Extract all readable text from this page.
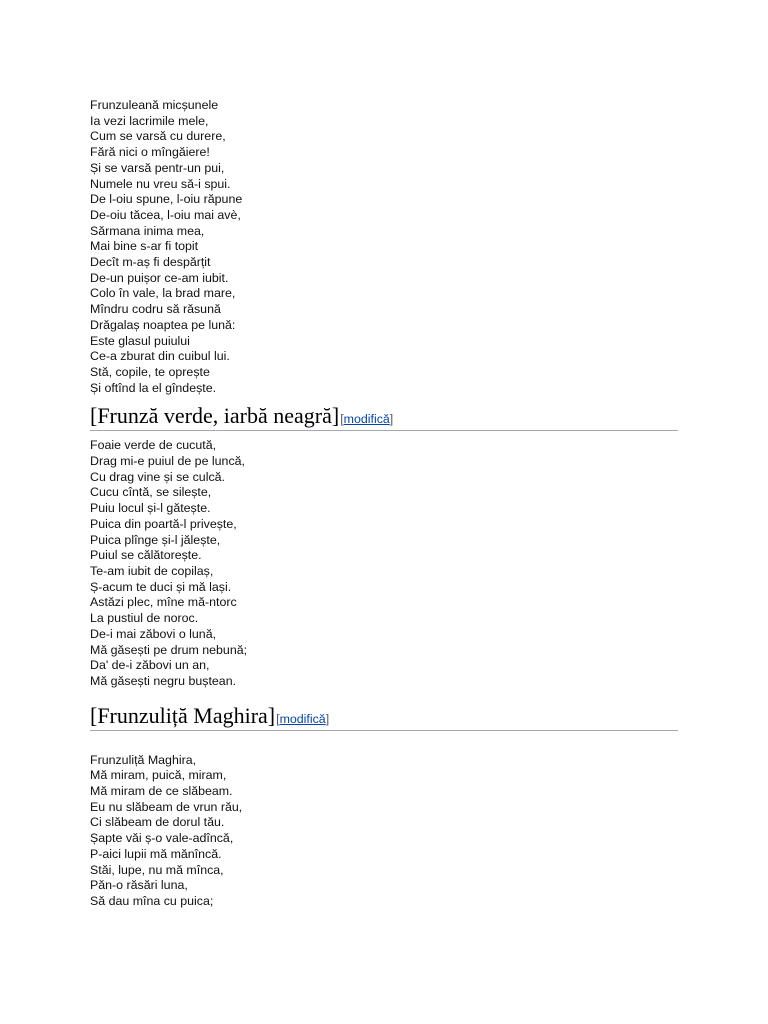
Frunzuleană micșunele
Ia vezi lacrimile mele,
Cum se varsă cu durere,
Fără nici o mîngăiere!
Și se varsă pentr-un pui,
Numele nu vreu să-i spui.
De l-oiu spune, l-oiu răpune
De-oiu tăcea, l-oiu mai avè,
Sărmana inima mea,
Mai bine s-ar fi topit
Decît m-aș fi despărțit
De-un puișor ce-am iubit.
Colo în vale, la brad mare,
Mîndru codru să răsună
Drăgalaș noaptea pe lună:
Este glasul puiului
Ce-a zburat din cuibul lui.
Stă, copile, te oprește
Și oftînd la el gîndește.
[Frunză verde, iarbă neagră] [modifică]
Foaie verde de cucută,
Drag mi-e puiul de pe luncă,
Cu drag vine și se culcă.
Cucu cîntă, se silește,
Puiu locul și-l gătește.
Puica din poartă-l privește,
Puica plînge și-l jălește,
Puiul se călătorește.
Te-am iubit de copilaș,
Ș-acum te duci și mă lași.
Astăzi plec, mîne mă-ntorc
La pustiul de noroc.
De-i mai zăbovi o lună,
Mă găsești pe drum nebună;
Da' de-i zăbovi un an,
Mă găsești negru buștean.
[Frunzuliță Maghira] [modifică]
Frunzuliță Maghira,
Mă miram, puică, miram,
Mă miram de ce slăbeam.
Eu nu slăbeam de vrun rău,
Ci slăbeam de dorul tău.
Șapte văi ș-o vale-adîncă,
P-aici lupii mă mănîncă.
Stăi, lupe, nu mă mînca,
Păn-o răsări luna,
Să dau mîna cu puica;
